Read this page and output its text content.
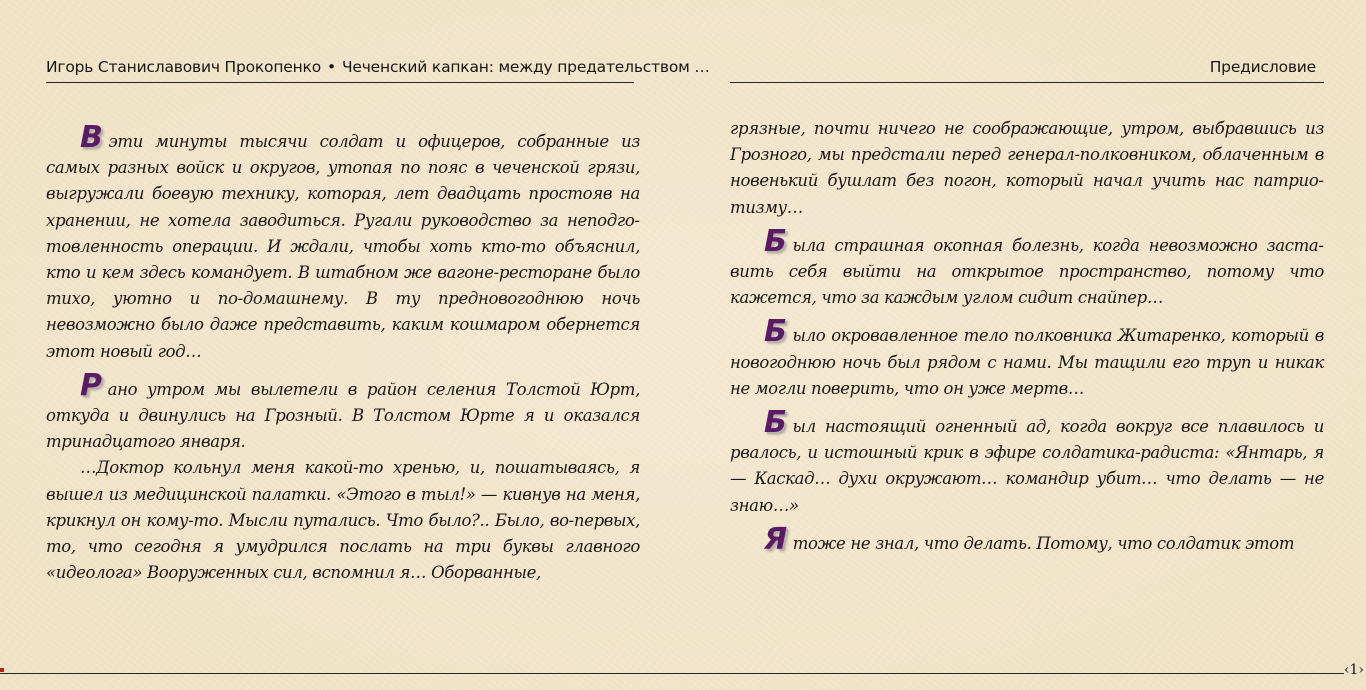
Игорь Станиславович Прокопенко • Чеченский капкан: между предательством …

Вэти минуты тысячи солдат и офицеров, собранные из самых разных войск и округов, утопая по пояс в чеченской грязи, выгружали боевую технику, которая, лет двадцать простояв на хранении, не хотела заводиться. Ругали руководство за неподготовленность операции. И ждали, чтобы хоть кто-то объяснил, кто и кем здесь командует. В штабном же вагоне-ресторане было тихо, уютно и по-домашнему. В ту предновогоднюю ночь невозможно было даже представить, каким кошмаром обернется этот новый год…

Рано утром мы вылетели в район селения Толстой Юрт, откуда и двинулись на Грозный. В Толстом Юрте я и оказался тринадцатого января.

…Доктор кольнул меня какой-то хренью, и, пошатываясь, я вышел из медицинской палатки. «Этого в тыл!» — кивнув на меня, крикнул он кому-то. Мысли путались. Что было?.. Было, во-первых, то, что сегодня я умудрился послать на три буквы главного «идеолога» Вооруженных сил, вспомнил я… Оборванные,

Предисловие

грязные, почти ничего не соображающие, утром, выбравшись из Грозного, мы предстали перед генерал-полковником, облаченным в новенький бушлат без погон, который начал учить нас патриотизму…

Была страшная окопная болезнь, когда невозможно заставить себя выйти на открытое пространство, потому что кажется, что за каждым углом сидит снайпер…

Было окровавленное тело полковника Житаренко, который в новогоднюю ночь был рядом с нами. Мы тащили его труп и никак не могли поверить, что он уже мертв…

Был настоящий огненный ад, когда вокруг все плавилось и рвалось, и истошный крик в эфире солдатика-радиста: «Янтарь, я — Каскад… духи окружают… командир убит… что делать — не знаю…»

Ятоже не знал, что делать. Потому, что солдатик этот

‹1›
